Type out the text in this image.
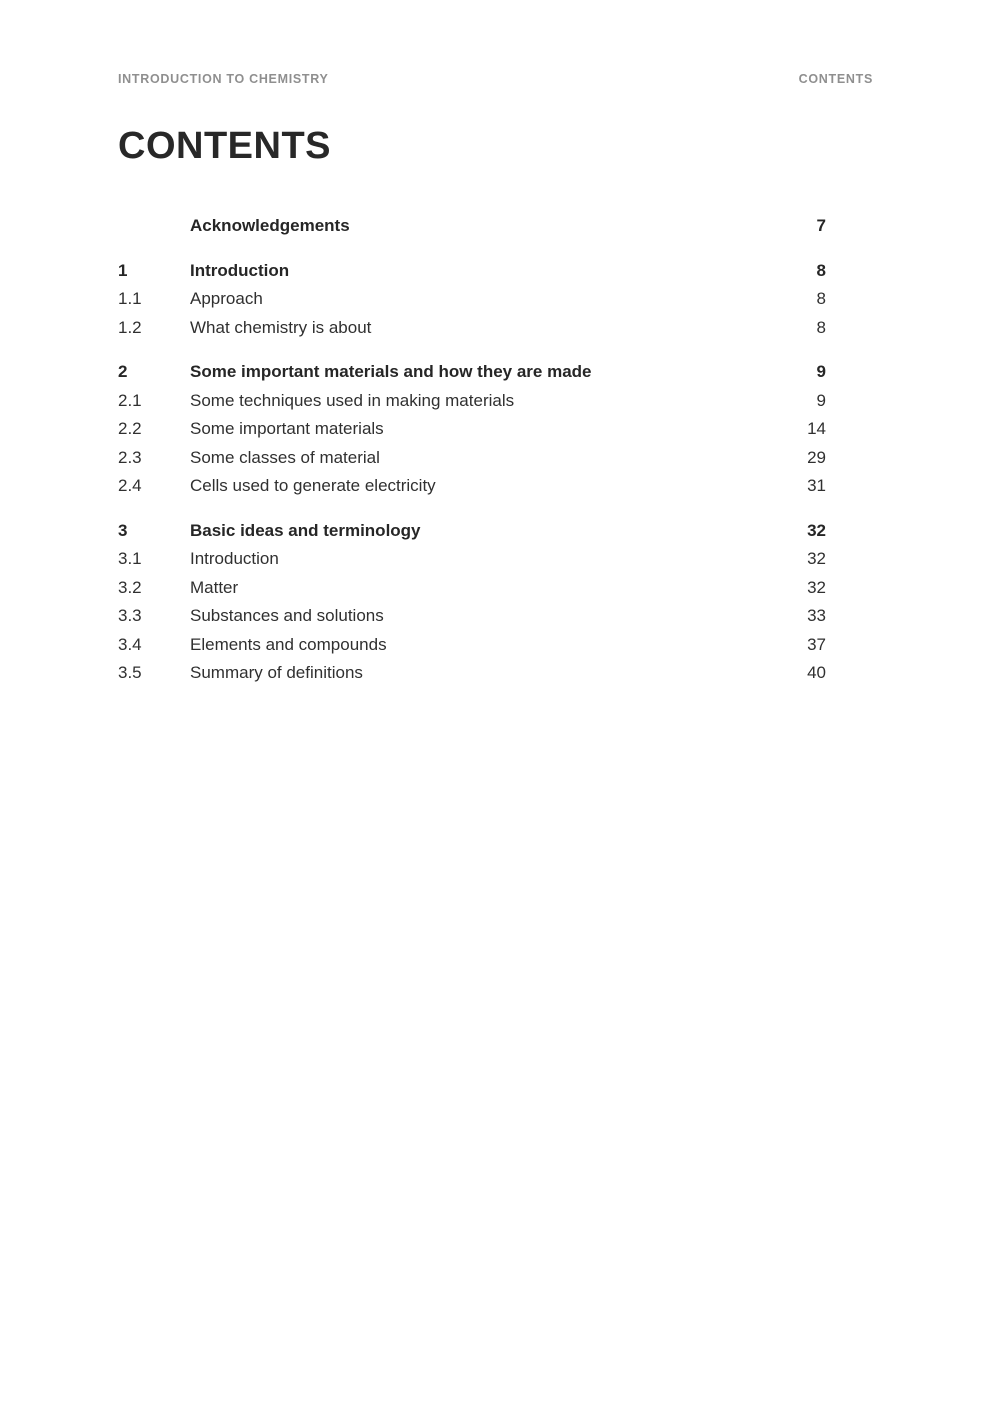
INTRODUCTION TO CHEMISTRY	CONTENTS
CONTENTS
Acknowledgements	7
1	Introduction	8
1.1	Approach	8
1.2	What chemistry is about	8
2	Some important materials and how they are made	9
2.1	Some techniques used in making materials	9
2.2	Some important materials	14
2.3	Some classes of material	29
2.4	Cells used to generate electricity	31
3	Basic ideas and terminology	32
3.1	Introduction	32
3.2	Matter	32
3.3	Substances and solutions	33
3.4	Elements and compounds	37
3.5	Summary of definitions	40
